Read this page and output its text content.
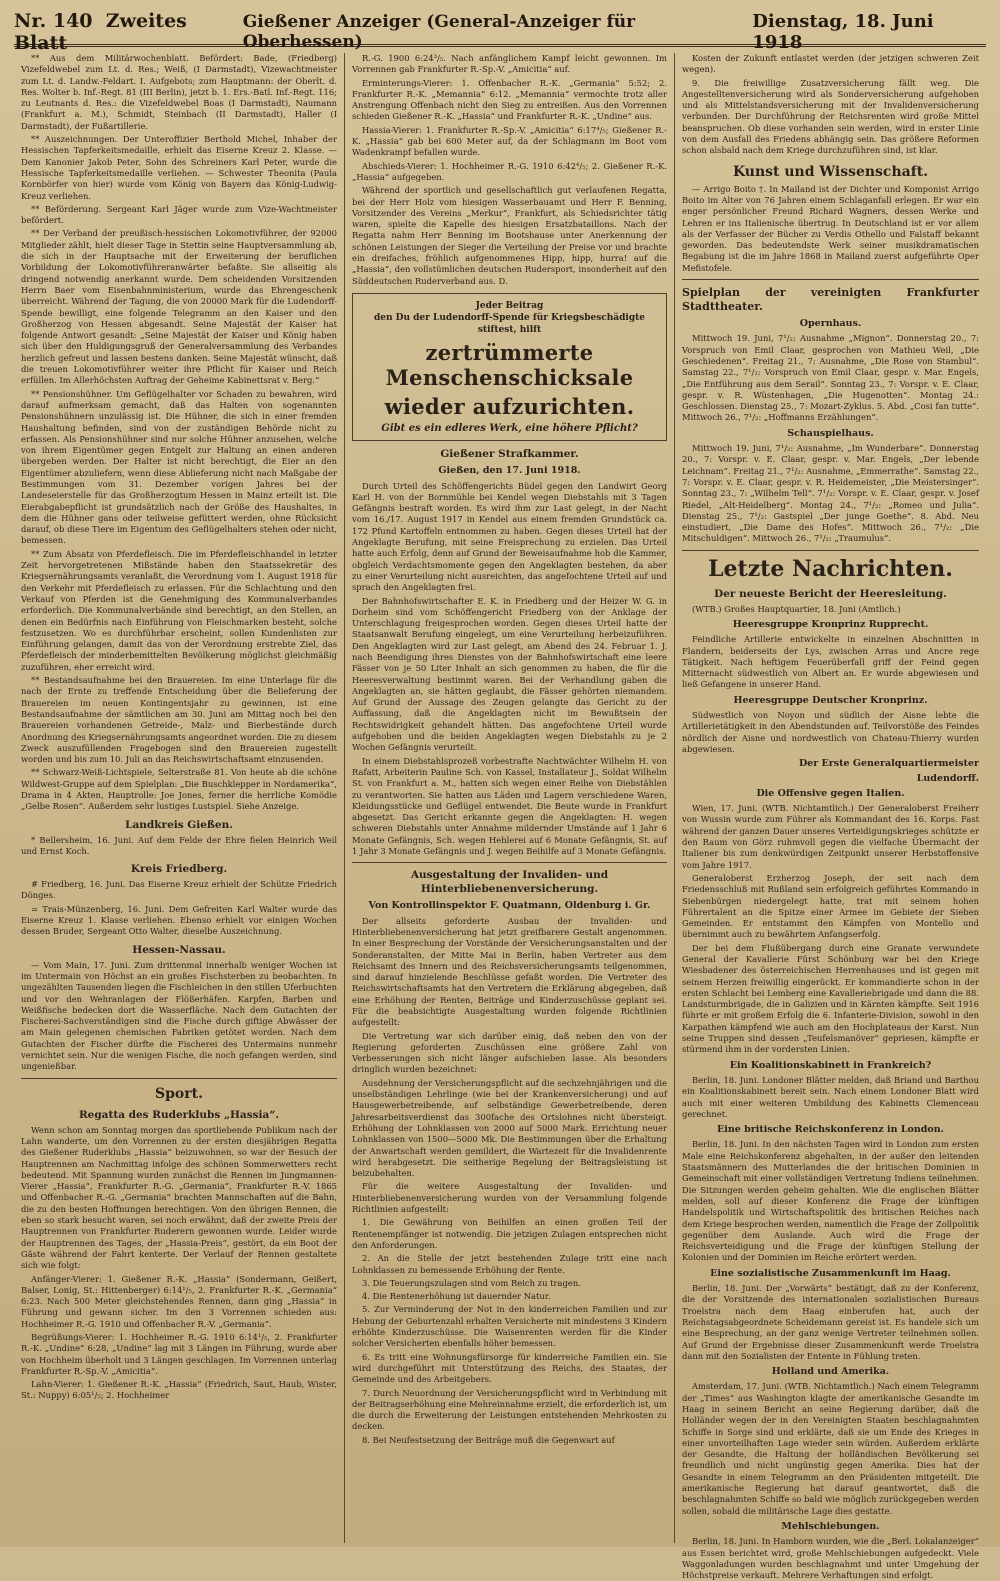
Nr. 140 Zweites Blatt
Gießener Anzeiger (General-Anzeiger für Oberhessen)
Dienstag, 18. Juni 1918

** Aus dem Militärwochenblatt. Befördert: Bade, (Friedberg) Vizefeldwebel zum Lt. d. Res.; Weiß, (I Darmstadt), Vizewachtmeister zum Lt. d. Landw.-Feldart. I. Aufgebots; zum Hauptmann: der Oberlt. d. Res. Wolter b. Inf.-Regt. 81 (III Berlin), jetzt b. 1. Ers.-Batl. Inf.-Regt. 116; zu Leutnants d. Res.: die Vizefeldwebel Boas (I Darmstadt), Naumann (Frankfurt a. M.), Schmidt, Steinbach (II Darmstadt), Haller (I Darmstadt), der Fußartillerie.

** Auszeichnungen. Der Unteroffizier Berthold Michel, Inhaber der Hessischen Tapferkeitsmedaille, erhielt das Eiserne Kreuz 2. Klasse. — Dem Kanonier Jakob Peter, Sohn des Schreiners Karl Peter, wurde die Hessische Tapferkeitsmedaille verliehen. — Schwester Theonita (Paula Kornbörfer von hier) wurde vom König von Bayern das König-Ludwig-Kreuz verliehen.

** Beförderung. Sergeant Karl Jäger wurde zum Vize-Wachtmeister befördert.

** Der Verband der preußisch-hessischen Lokomotivführer, der 92000 Mitglieder zählt, hielt dieser Tage in Stettin seine Hauptversammlung ab, die sich in der Hauptsache mit der Erweiterung der beruflichen Vorbildung der Lokomotivführeranwärter befaßte. Sie allseitig als dringend notwendig anerkannt wurde. Dem scheidenden Vorsitzenden Herrn Baer vom Eisenbahnministerium, wurde das Ehrengeschenk überreicht. Während der Tagung, die von 20000 Mark für die Ludendorff-Spende bewilligt, eine folgende Telegramm an den Kaiser und den Großherzog von Hessen abgesandt. Seine Majestät der Kaiser hat folgende Antwort gesandt: „Seine Majestät der Kaiser und König haben sich über den Huldigungsgruß der Generalversammlung des Verbandes herzlich gefreut und lassen bestens danken. Seine Majestät wünscht, daß die treuen Lokomotivführer weiter ihre Pflicht für Kaiser und Reich erfüllen. Im Allerhöchsten Auftrag der Geheime Kabinettsrat v. Berg.“

** Pensionshühner. Um Geflügelhalter vor Schaden zu bewahren, wird darauf aufmerksam gemacht, daß das Halten von sogenannten Pensionshühnern unzulässig ist. Die Hühner, die sich in einer fremden Haushaltung befinden, sind von der zuständigen Behörde nicht zu erfassen. Als Pensionshühner sind nur solche Hühner anzusehen, welche von ihrem Eigentümer gegen Entgelt zur Haltung an einen anderen übergeben werden. Der Halter ist nicht berechtigt, die Eier an den Eigentümer abzuliefern, wenn diese Ablieferung nicht nach Maßgabe der Bestimmungen vom 31. Dezember vorigen Jahres bei der Landeseierstelle für das Großherzogtum Hessen in Mainz erteilt ist. Die Eierabgabepflicht ist grundsätzlich nach der Größe des Haushaltes, in dem die Hühner gans oder teilweise gefüttert werden, ohne Rücksicht darauf, ob diese Tiere im Eigentum des Geflügelhalters stehen oder nicht, bemessen.

** Zum Absatz von Pferdefleisch. Die im Pferdefleischhandel in letzter Zeit hervorgetretenen Mißstände haben den Staatssekretär des Kriegsernährungsamts veranlaßt, die Verordnung vom 1. August 1918 für den Verkehr mit Pferdefleisch zu erlassen. Für die Schlachtung und den Verkauf von Pferden ist die Genehmigung des Kommunalverbandes erforderlich. Die Kommunalverbände sind berechtigt, an den Stellen, an denen ein Bedürfnis nach Einführung von Fleischmarken besteht, solche festzusetzen. Wo es durchführbar erscheint, sollen Kundenlisten zur Einführung gelangen, damit das von der Verordnung erstrebte Ziel, das Pferdefleisch der minderbemittelten Bevölkerung möglichst gleichmäßig zuzuführen, eher erreicht wird.

** Bestandsaufnahme bei den Brauereien. Im eine Unterlage für die nach der Ernte zu treffende Entscheidung über die Belieferung der Brauereien im neuen Kontingentsjahr zu gewinnen, ist eine Bestandsaufnahme der sämtlichen am 30. Juni am Mittag noch bei den Brauereien vorhandenen Getreide-, Malz- und Bierbestände durch Anordnung des Kriegsernährungsamts angeordnet worden. Die zu diesem Zweck auszufüllenden Fragebogen sind den Brauereien zugestellt worden und bis zum 10. Juli an das Reichswirtschaftsamt einzusenden.

** Schwarz-Weiß-Lichtspiele, Selterstraße 81. Von heute ab die schöne Wildwest-Gruppe auf dem Spielplan: „Die Buschklepper in Nordamerika“, Drama in 4 Akten, Hauptrolle: Joe Jones, ferner die herrliche Komödie „Gelbe Rosen“. Außerdem sehr lustiges Lustspiel. Siehe Anzeige.

Landkreis Gießen.

* Bellersheim, 16. Juni. Auf dem Felde der Ehre fielen Heinrich Weil und Ernst Koch.

Kreis Friedberg.

# Friedberg, 16. Juni. Das Eiserne Kreuz erhielt der Schütze Friedrich Dönges.

= Trais-Münzenberg, 16. Juni. Dem Gefreiten Karl Walter wurde das Eiserne Kreuz 1. Klasse verliehen. Ebenso erhielt vor einigen Wochen dessen Bruder, Sergeant Otto Walter, dieselbe Auszeichnung.

Hessen-Nassau.

— Vom Main, 17. Juni. Zum drittenmal innerhalb weniger Wochen ist im Untermain von Höchst an ein großes Fischsterben zu beobachten. In ungezählten Tausenden liegen die Fischleichen in den stillen Uferbuchten und vor den Wehranlagen der Flößerhäfen. Karpfen, Barben und Weißfische bedecken dort die Wasserfläche. Nach dem Gutachten der Fischerei-Sachverständigen sind die Fische durch giftige Abwässer der am Main gelegenen chemischen Fabriken getötet worden. Nach dem Gutachten der Fischer dürfte die Fischerei des Untermains nunmehr vernichtet sein. Nur die wenigen Fische, die noch gefangen werden, sind ungenießbar.

Sport.
Regatta des Ruderklubs „Hassia“.

Wenn schon am Sonntag morgen das sportliebende Publikum nach der Lahn wanderte, um den Vorrennen zu der ersten diesjährigen Regatta des Gießener Ruderklubs „Hassia“ beizuwohnen, so war der Besuch der Hauptrennen am Nachmittag infolge des schönen Sommerwetters recht bedeutend. Mit Spannung wurden zunächst die Rennen im Jungmannen-Vierer „Hassia“, Frankfurter R.-G. „Germania“, Frankfurter R.-V. 1865 und Offenbacher R.-G. „Germania“ brachten Mannschaften auf die Bahn, die zu den besten Hoffnungen berechtigen. Von den übrigen Rennen, die eben so stark besucht waren, sei noch erwähnt, daß der zweite Preis der Hauptrennen von Frankfurter Ruderern gewonnen wurde. Leider wurde der Hauptrennen des Tages, der „Hassia-Preis“, gestört, da ein Boot der Gäste während der Fahrt kenterte. Der Verlauf der Rennen gestaltete sich wie folgt:

Anfänger-Vierer: 1. Gießener R.-K. „Hassia“ (Sondermann, Geißert, Balser, Lonig, St.: Hittenberger) 6:14¹/₅, 2. Frankfurter R.-K. „Germania“ 6:23. Nach 500 Meter gleichstehendes Rennen, dann ging „Hassia“ in Führung und gewann sicher. Im den 3 Vorrennen schieden aus: Hochheimer R.-G. 1910 und Offenbacher R.-V. „Germania“.

Begrüßungs-Vierer: 1. Hochheimer R.-G. 1910 6:14¹/₅, 2. Frankfurter R.-K. „Undine“ 6:28, „Undine“ lag mit 3 Längen im Führung, wurde aber von Hochheim überholt und 3 Längen geschlagen. Im Vorrennen unterlag Frankfurter R.-Sp.-V. „Amicitia“.

Lahn-Vierer: 1. Gießener R.-K. „Hassia“ (Friedrich, Saut, Haub, Wister, St.: Nuppy) 6:05¹/₅; 2. Hochheimer

R.-G. 1900 6:24³/₅. Nach anfänglichem Kampf leicht gewonnen. Im Vorrennen gab Frankfurter R.-Sp.-V. „Amicitia“ auf.

Erminterungs-Vierer: 1. Offenbacher R.-K. „Germania“ 5:52; 2. Frankfurter R.-K. „Memannia“ 6:12. „Memannia“ vermochte trotz aller Anstrengung Offenbach nicht den Sieg zu entreißen. Aus den Vorrennen schieden Gießener R.-K. „Hassia“ und Frankfurter R.-K. „Undine“ aus.

Hassia-Vierer: 1. Frankfurter R.-Sp.-V. „Amicitia“ 6:17⁴/₅; Gießener R.-K. „Hassia“ gab bei 600 Meter auf, da der Schlagmann im Boot vom Wadenkrampf befallen wurde.

Abschieds-Vierer: 1. Hochheimer R.-G. 1910 6:42⁴/₅; 2. Gießener R.-K. „Hassia“ aufgegeben.

Während der sportlich und gesellschaftlich gut verlaufenen Regatta, bei der Herr Holz vom hiesigen Wasserbauamt und Herr F. Benning, Vorsitzender des Vereins „Merkur“, Frankfurt, als Schiedsrichter tätig waren, spielte die Kapelle des hiesigen Ersatzbataillons. Nach der Regatta nahm Herr Benning im Bootshause unter Anerkennung der schönen Leistungen der Sieger die Verteilung der Preise vor und brachte ein dreifaches, fröhlich aufgenommenes Hipp, hipp, hurra! auf die „Hassia“, den vollstümlichen deutschen Rudersport, insonderheit auf den Süddeutschen Ruderverband aus. D.

Jeder Beitrag
den Du der Ludendorff-Spende für Kriegsbeschädigte stiftest, hilft
zertrümmerte Menschenschicksale
wieder aufzurichten.
Gibt es ein edleres Werk, eine höhere Pflicht?
Gießener Strafkammer.
Gießen, den 17. Juni 1918.

Durch Urteil des Schöffengerichts Büdel gegen den Landwirt Georg Karl H. von der Bornmühle bei Kendel wegen Diebstahls mit 3 Tagen Gefängnis bestraft worden. Es wird ihm zur Last gelegt, in der Nacht vom 16./17. August 1917 in Kendel aus einem fremden Grundstück ca. 172 Pfund Kartoffeln entnommen zu haben. Gegen dieses Urteil hat der Angeklagte Berufung, mit seine Freisprechung zu erzielen. Das Urteil hatte auch Erfolg, denn auf Grund der Beweisaufnahme hob die Kammer, obgleich Verdachtsmomente gegen den Angeklagten bestehen, da aber zu einer Verurteilung nicht ausreichten, das angefochtene Urteil auf und sprach den Angeklagten frei.

Der Bahnhofswirtschafter E. K. in Friedberg und der Heizer W. G. in Dorheim sind vom Schöffengericht Friedberg von der Anklage der Unterschlagung freigesprochen worden. Gegen dieses Urteil hatte der Staatsanwalt Berufung eingelegt, um eine Verurteilung herbeizuführen. Den Angeklagten wird zur Last gelegt, am Abend des 24. Februar 1. J. nach Beendigung ihres Dienstes von der Bahnhofswirtschaft eine leere Fässer von je 50 Liter Inhalt an sich genommen zu haben, die für die Heeresverwaltung bestimmt waren. Bei der Verhandlung gaben die Angeklagten an, sie hätten geglaubt, die Fässer gehörten niemandem. Auf Grund der Aussage des Zeugen gelangte das Gericht zu der Auffassung, daß die Angeklagten nicht im Bewußtsein der Rechtswidrigkeit gehandelt hätten. Das angefochtene Urteil wurde aufgehoben und die beiden Angeklagten wegen Diebstahls zu je 2 Wochen Gefängnis verurteilt.

In einem Diebstahlsprozeß vorbestrafte Nachtwächter Wilhelm H. von Rafatt, Arbeiterin Pauline Sch. von Kassel, Installateur J., Soldat Wilhelm St. von Frankfurt a. M., hatten sich wegen einer Reihe von Diebstählen zu verantworten. Sie hatten aus Läden und Lagern verschiedene Waren, Kleidungsstücke und Geflügel entwendet. Die Beute wurde in Frankfurt abgesetzt. Das Gericht erkannte gegen die Angeklagten: H. wegen schweren Diebstahls unter Annahme mildernder Umstände auf 1 Jahr 6 Monate Gefängnis, Sch. wegen Hehlerei auf 6 Monate Gefängnis, St. auf 1 Jahr 3 Monate Gefängnis und J. wegen Beihilfe auf 3 Monate Gefängnis.

Ausgestaltung der Invaliden- und Hinterbliebenenversicherung.
Von Kontrollinspektor F. Quatmann, Oldenburg i. Gr.

Der allseits geforderte Ausbau der Invaliden- und Hinterbliebenenversicherung hat jetzt greifbarere Gestalt angenommen. In einer Besprechung der Vorstände der Versicherungsanstalten und der Sonderanstalten, der Mitte Mai in Berlin, haben Vertreter aus dem Reichsamt des Innern und des Reichsversicherungsamts teilgenommen, sind darauf hinzielende Beschlüsse gefaßt worden. Die Vertreter des Reichswirtschaftsamts hat den Vertretern die Erklärung abgegeben, daß eine Erhöhung der Renten, Beiträge und Kinderzuschüsse geplant sei. Für die beabsichtigte Ausgestaltung wurden folgende Richtlinien aufgestellt:

Die Vertretung war sich darüber einig, daß neben den von der Regierung geforderten Zuschüssen eine größere Zahl von Verbesserungen sich nicht länger aufschieben lasse. Als besonders dringlich wurden bezeichnet:

Ausdehnung der Versicherungspflicht auf die sechzehnjährigen und die unselbständigen Lehrlinge (wie bei der Krankenversicherung) und auf Hausgewerbetreibende, auf selbständige Gewerbetreibende, deren Jahresarbeitsverdienst das 300fache des Ortslohnes nicht übersteigt. Erhöhung der Lohnklassen von 2000 auf 5000 Mark. Errichtung neuer Lohnklassen von 1500—5000 Mk. Die Bestimmungen über die Erhaltung der Anwartschaft werden gemildert, die Wartezeit für die Invalidenrente wird herabgesetzt. Die seitherige Regelung der Beitragsleistung ist beizubehalten.

Für die weitere Ausgestaltung der Invaliden- und Hinterbliebenenversicherung wurden von der Versammlung folgende Richtlinien aufgestellt:

1. Die Gewährung von Beihilfen an einen großen Teil der Rentenempfänger ist notwendig. Die jetzigen Zulagen entsprechen nicht den Anforderungen.

2. An die Stelle der jetzt bestehenden Zulage tritt eine nach Lohnklassen zu bemessende Erhöhung der Rente.

3. Die Teuerungszulagen sind vom Reich zu tragen.

4. Die Rentenerhöhung ist dauernder Natur.

5. Zur Verminderung der Not in den kinderreichen Familien und zur Hebung der Geburtenzahl erhalten Versicherte mit mindestens 3 Kindern erhöhte Kinderzuschüsse. Die Waisenrenten werden für die Kinder solcher Versicherten ebenfalls höher bemessen.

6. Es tritt eine Wohnungsfürsorge für kinderreiche Familien ein. Sie wird durchgeführt mit Unterstützung des Reichs, des Staates, der Gemeinde und des Arbeitgebers.

7. Durch Neuordnung der Versicherungspflicht wird in Verbindung mit der Beitragserhöhung eine Mehreinnahme erzielt, die erforderlich ist, um die durch die Erweiterung der Leistungen entstehenden Mehrkosten zu decken.

8. Bei Neufestsetzung der Beiträge muß die Gegenwart auf

Kosten der Zukunft entlastet werden (der jetzigen schweren Zeit wegen).

9. Die freiwillige Zusatzversicherung fällt weg. Die Angestelltenversicherung wird als Sonderversicherung aufgehoben und als Mittelstandsversicherung mit der Invalidenversicherung verbunden. Der Durchführung der Reichsrenten wird große Mittel beanspruchen. Ob diese vorhanden sein werden, wird in erster Linie von dem Ausfall des Friedens abhängig sein. Das größere Reformen schon alsbald nach dem Kriege durchzuführen sind, ist klar.

Kunst und Wissenschaft.

— Arrigo Boito †. In Mailand ist der Dichter und Komponist Arrigo Boito im Alter von 76 Jahren einem Schlaganfall erlegen. Er war ein enger persönlicher Freund Richard Wagners, dessen Werke und Lehren er ins Italienische übertrug. In Deutschland ist er vor allem als der Verfasser der Bücher zu Verdis Othello und Falstaff bekannt geworden. Das bedeutendste Werk seiner musikdramatischen Begabung ist die im Jahre 1868 in Mailand zuerst aufgeführte Oper Mefistofele.

Spielplan der vereinigten Frankfurter Stadttheater.
Opernhaus.

Mittwoch 19. Juni, 7¹/₂: Ausnahme „Mignon“. Donnerstag 20., 7: Vorspruch von Emil Claar, gesprochen von Mathieu Weil, „Die Geschiedenen“. Freitag 21., 7: Ausnahme, „Die Rose von Stambul“. Samstag 22., 7¹/₂: Vorspruch von Emil Claar, gespr. v. Mar. Engels, „Die Entführung aus dem Serail“. Sonntag 23., 7: Vorspr. v. E. Claar, gespr. v. R. Wüstenhagen, „Die Hugenotten“. Montag 24.: Geschlossen. Dienstag 25., 7: Mozart-Zyklus. 5. Abd. „Cosi fan tutte“. Mittwoch 26., 7¹/₂: „Hoffmanns Erzählungen“.

Schauspielhaus.

Mittwoch 19. Juni, 7¹/₂: Ausnahme, „Im Wunderbare“. Donnerstag 20., 7: Vorspr. v. E. Claar, gespr. v. Mar. Engels, „Der lebende Leichnam“. Freitag 21., 7¹/₂: Ausnahme, „Emmerrathe“. Samstag 22., 7: Vorspr. v. E. Claar, gespr. v. R. Heidemeister, „Die Meistersinger“. Sonntag 23., 7: „Wilhelm Tell“. 7¹/₂: Vorspr. v. E. Claar, gespr. v. Josef Riedel, „Alt-Heidelberg“. Montag 24., 7¹/₂: „Romeo und Julia“. Dienstag 25., 7¹/₂: Gastspiel „Der junge Goethe“. 8. Abd. Neu einstudiert, „Die Dame des Hofes“. Mittwoch 26., 7¹/₂: „Die Mitschuldigen“. Mittwoch 26., 7¹/₂: „Traumulus“.

Letzte Nachrichten.
Der neueste Bericht der Heeresleitung.

(WTB.) Großes Hauptquartier, 18. Juni (Amtlich.)

Heeresgruppe Kronprinz Rupprecht.

Feindliche Artillerie entwickelte in einzelnen Abschnitten in Flandern, beiderseits der Lys, zwischen Arras und Ancre rege Tätigkeit. Nach heftigem Feuerüberfall griff der Feind gegen Mitternacht südwestlich von Albert an. Er wurde abgewiesen und ließ Gefangene in unserer Hand.

Heeresgruppe Deutscher Kronprinz.

Südwestlich von Noyon und südlich der Aisne lebte die Artillerietätigkeit in den Abendstunden auf. Teilvorstöße des Feindes nördlich der Aisne und nordwestlich von Chateau-Thierry wurden abgewiesen.

Der Erste Generalquartiermeister
Ludendorff.
Die Offensive gegen Italien.

Wien, 17. Juni. (WTB. Nichtamtlich.) Der Generaloberst Freiherr von Wussin wurde zum Führer als Kommandant des 16. Korps. Fast während der ganzen Dauer unseres Verteidigungskrieges schützte er den Raum von Görz ruhmvoll gegen die vielfache Übermacht der Italiener bis zum denkwürdigen Zeitpunkt unserer Herbstoffensive vom Jahre 1917.

Generaloberst Erzherzog Joseph, der seit nach dem Friedensschluß mit Rußland sein erfolgreich geführtes Kommando in Siebenbürgen niedergelegt hatte, trat mit seinem hohen Führertalent an die Spitze einer Armee im Gebiete der Sieben Gemeinden. Er entstammt den Kämpfen von Montello und übernimmt auch zu bewährtem Anfangserfolg.

Der bei dem Flußübergang durch eine Granate verwundete General der Kavallerie Fürst Schönburg war bei den Kriege Wiesbadener des österreichischen Herrenhauses und ist gegen mit seinem Herzen freiwillig eingerückt. Er kommandierte schon in der ersten Schlacht bei Lemberg eine Kavalleriebrigade und dann die 88. Landsturmbrigade, die in Galizien und in Kärnten kämpfte. Seit 1916 führte er mit großem Erfolg die 6. Infanterie-Division, sowohl in den Karpathen kämpfend wie auch am den Hochplateaus der Karst. Nun seine Truppen sind dessen „Teufelsmanöver“ gepriesen, kämpfte er stürmend ihm in der vordersten Linien.

Ein Koalitionskabinett in Frankreich?

Berlin, 18. Juni. Londoner Blätter melden, daß Briand und Barthou ein Koalitionskabinett bereit sein. Nach einem Londoner Blatt wird auch mit einer weiteren Umbildung des Kabinetts Clemenceau gerechnet.

Eine britische Reichskonferenz in London.

Berlin, 18. Juni. In den nächsten Tagen wird in London zum ersten Male eine Reichskonferenz abgehalten, in der außer den leitenden Staatsmännern des Mutterlandes die der britischen Dominien in Gemeinschaft mit einer vollständigen Vertretung Indiens teilnehmen. Die Sitzungen werden geheim gehalten. Wie die englischen Blätter melden, soll auf dieser Konferenz die Frage der künftigen Handelspolitik und Wirtschaftspolitik des britischen Reiches nach dem Kriege besprochen werden, namentlich die Frage der Zollpolitik gegenüber dem Auslande. Auch wird die Frage der Reichsverteidigung und die Frage der künftigen Stellung der Kolonien und der Dominien im Reiche erörtert werden.

Eine sozialistische Zusammenkunft im Haag.

Berlin, 18. Juni. Der „Vorwärts“ bestätigt, daß zu der Konferenz, die der Vorsitzende des internationalen sozialistischen Bureaus Troelstra nach dem Haag einberufen hat, auch der Reichstagsabgeordnete Scheidemann gereist ist. Es handele sich um eine Besprechung, an der ganz wenige Vertreter teilnehmen sollen. Auf Grund der Ergebnisse dieser Zusammenkunft werde Troelstra dann mit den Sozialisten der Entente in Fühlung treten.

Holland und Amerika.

Amsterdam, 17. Juni. (WTB. Nichtamtlich.) Nach einem Telegramm der „Times“ aus Washington klagte der amerikanische Gesandte im Haag in seinem Bericht an seine Regierung darüber, daß die Holländer wegen der in den Vereinigten Staaten beschlagnahmten Schiffe in Sorge sind und erklärte, daß sie um Ende des Krieges in einer unvorteilhaften Lage wieder sein würden. Außerdem erklärte der Gesandte, die Haltung der holländischen Bevölkerung sei freundlich und nicht ungünstig gegen Amerika. Dies hat der Gesandte in einem Telegramm an den Präsidenten mitgeteilt. Die amerikanische Regierung hat darauf geantwortet, daß die beschlagnahmten Schiffe so bald wie möglich zurückgegeben werden sollen, sobald die militärische Lage dies gestatte.

Mehlschiebungen.

Berlin, 18. Juni. In Hamborn wurden, wie die „Berl. Lokalanzeiger“ aus Essen berichtet wird, große Mehlschiebungen aufgedeckt. Viele Waggonladungen wurden beschlagnahmt und unter Umgehung der Höchstpreise verkauft. Mehrere Verhaftungen sind erfolgt.
